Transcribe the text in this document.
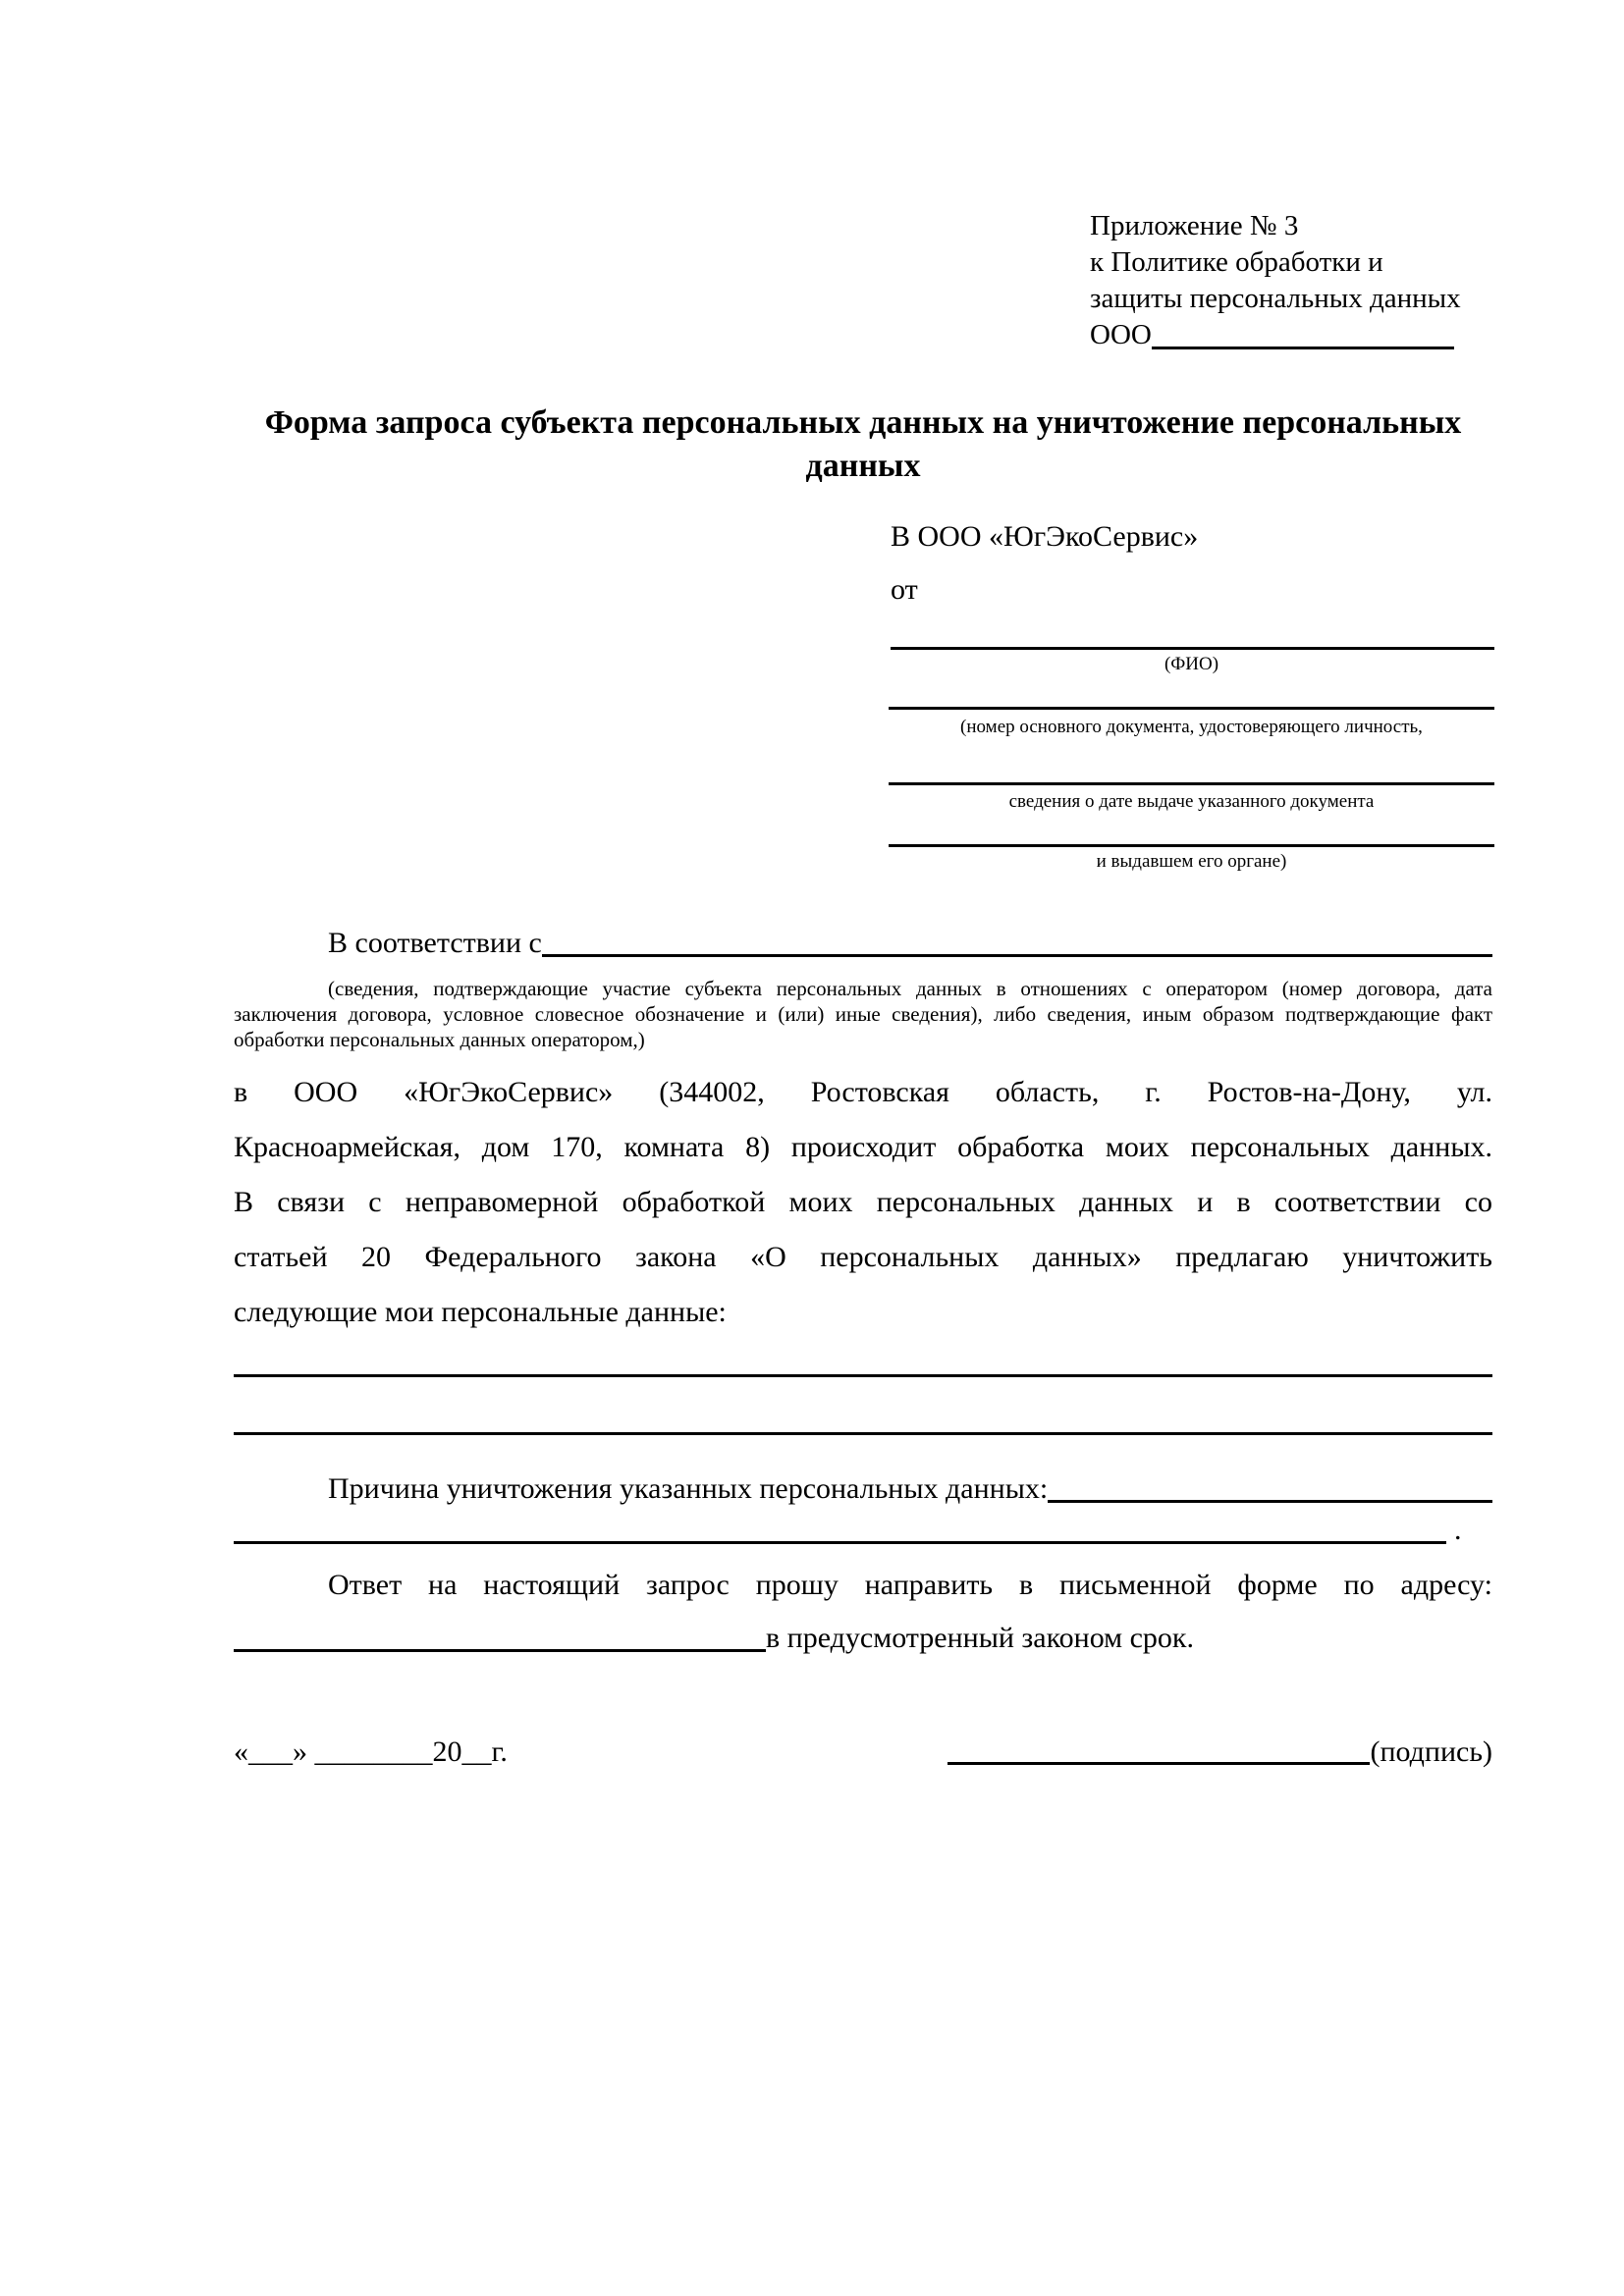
Приложение № 3
к Политике обработки и
защиты персональных данных
ООО
Форма запроса субъекта персональных данных на уничтожение персональных данных
В ООО «ЮгЭкоСервис»
от
(ФИО)
(номер основного документа, удостоверяющего личность,
сведения о дате выдаче указанного документа
и выдавшем его органе)
В соответствии с
(сведения, подтверждающие участие субъекта персональных данных в отношениях с оператором (номер договора, дата
заключения договора, условное словесное обозначение и (или) иные сведения), либо сведения, иным образом подтверждающие факт
обработки персональных данных оператором,)
в ООО «ЮгЭкоСервис» (344002, Ростовская область, г. Ростов-на-Дону, ул.
Красноармейская, дом 170, комната 8) происходит обработка моих персональных данных.
В связи с неправомерной обработкой моих персональных данных и в соответствии со
статьей 20 Федерального закона «О персональных данных» предлагаю уничтожить
следующие мои персональные данные:
Причина уничтожения указанных персональных данных:
.
Ответ на настоящий запрос прошу направить в письменной форме по адресу:
в предусмотренный законом срок.
«___» ________20__г.	(подпись)
